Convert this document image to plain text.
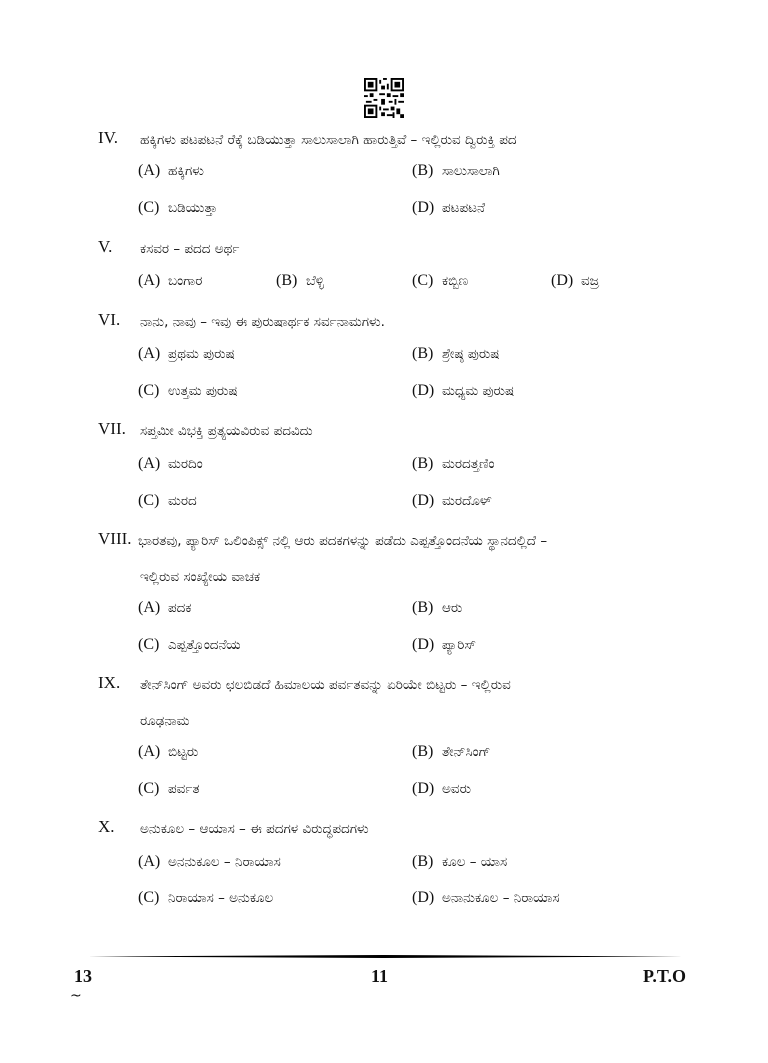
IV. ಹಕ್ಕಿಗಳು ಪಟಪಟನೆ ರೆಕ್ಕೆ ಬಡಿಯುತ್ತಾ ಸಾಲುಸಾಲಾಗಿ ಹಾರುತ್ತಿವೆ – ಇಲ್ಲಿರುವ ದ್ವಿರುಕ್ತಿ ಪದ
(A) ಹಕ್ಕಿಗಳು	(B) ಸಾಲುಸಾಲಾಗಿ
(C) ಬಡಿಯುತ್ತಾ	(D) ಪಟಪಟನೆ
V. ಕಸವರ – ಪದದ ಅರ್ಥ
(A) ಬಂಗಾರ	(B) ಬೆಳ್ಳಿ	(C) ಕಬ್ಬಿಣ	(D) ವಜ್ರ
VI. ನಾನು, ನಾವು – ಇವು ಈ ಪುರುಷಾರ್ಥಕ ಸರ್ವನಾಮಗಳು.
(A) ಪ್ರಥಮ ಪುರುಷ	(B) ಶ್ರೇಷ್ಠ ಪುರುಷ
(C) ಉತ್ತಮ ಪುರುಷ	(D) ಮಧ್ಯಮ ಪುರುಷ
VII. ಸಪ್ತಮೀ ವಿಭಕ್ತಿ ಪ್ರತ್ಯಯವಿರುವ ಪದವಿದು
(A) ಮರದಿಂ	(B) ಮರದತ್ತಣಿಂ
(C) ಮರದ	(D) ಮರದೊಳ್
VIII. ಭಾರತವು, ಪ್ಯಾರಿಸ್ ಒಲಿಂಪಿಕ್ಸ್ ನಲ್ಲಿ ಆರು ಪದಕಗಳನ್ನು ಪಡೆದು ಎಪ್ಪತ್ತೊಂದನೆಯ ಸ್ಥಾನದಲ್ಲಿದೆ –
ಇಲ್ಲಿರುವ ಸಂಖ್ಯೇಯ ವಾಚಕ
(A) ಪದಕ	(B) ಆರು
(C) ಎಪ್ಪತ್ತೊಂದನೆಯ	(D) ಪ್ಯಾರಿಸ್
IX. ತೇನ್‌ಸಿಂಗ್ ಅವರು ಛಲಬಿಡದೆ ಹಿಮಾಲಯ ಪರ್ವತವನ್ನು ಏರಿಯೇ ಬಿಟ್ಟರು – ಇಲ್ಲಿರುವ
ರೂಢನಾಮ
(A) ಬಿಟ್ಟರು	(B) ತೇನ್‌ಸಿಂಗ್
(C) ಪರ್ವತ	(D) ಅವರು
X. ಅನುಕೂಲ – ಆಯಾಸ – ಈ ಪದಗಳ ವಿರುದ್ಧಪದಗಳು
(A) ಅನನುಕೂಲ – ನಿರಾಯಾಸ	(B) ಕೂಲ – ಯಾಸ
(C) ನಿರಾಯಾಸ – ಅನುಕೂಲ	(D) ಅನಾನುಕೂಲ – ನಿರಾಯಾಸ
13	11	P.T.O
~
